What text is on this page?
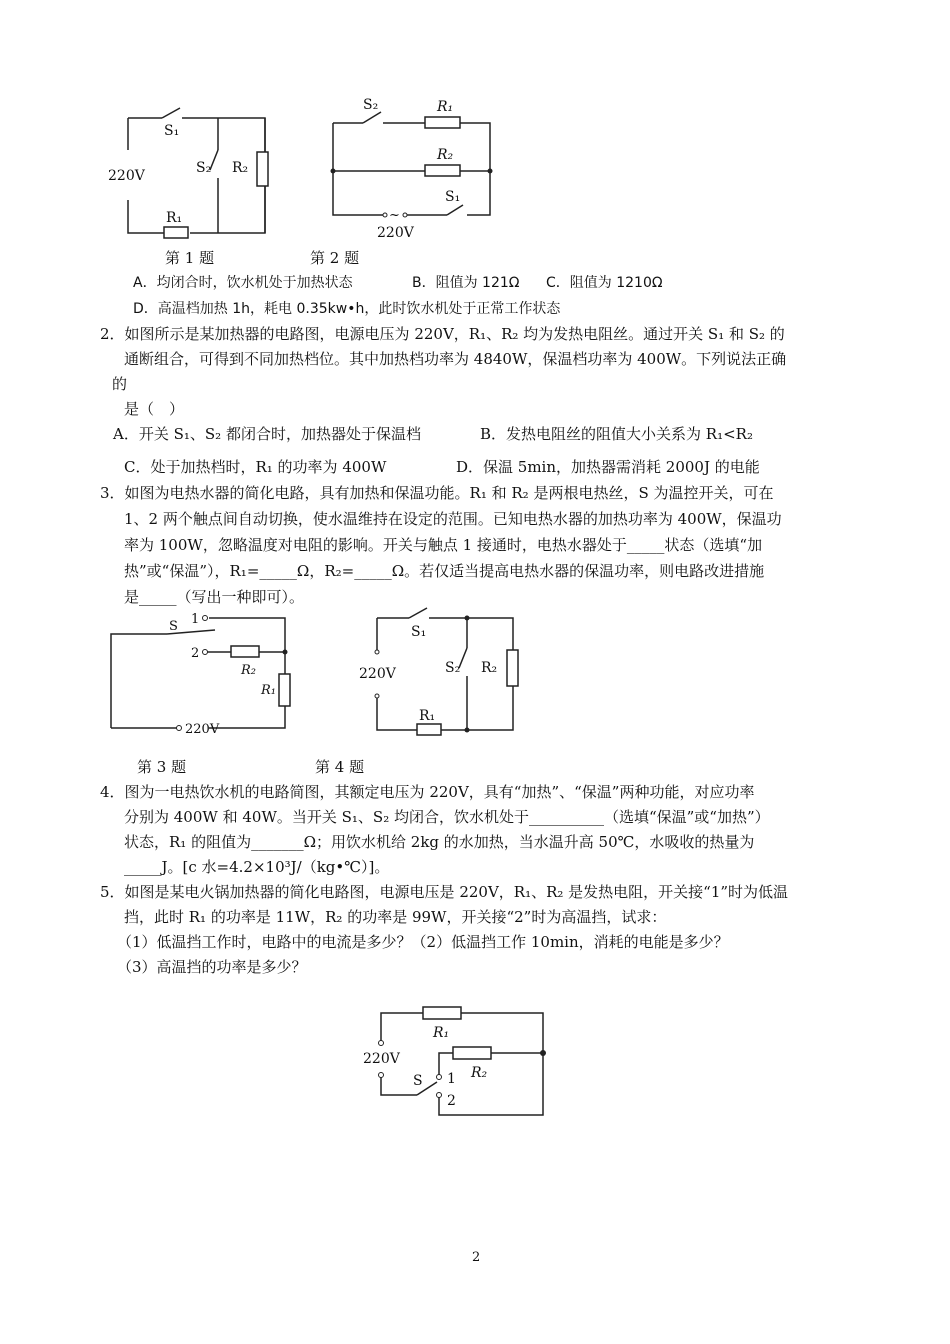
S₁
220V	S₂ R₂
R₁
S₂	R₁
R₂
S₁
~
220V
第 1 题	第 2 题
A．均闭合时，饮水机处于加热状态	B．阻值为 121Ω C．阻值为 1210Ω
D．高温档加热 1h，耗电 0.35kw•h，此时饮水机处于正常工作状态
2．如图所示是某加热器的电路图，电源电压为 220V，R₁、R₂ 均为发热电阻丝。通过开关 S₁ 和 S₂ 的
通断组合，可得到不同加热档位。其中加热档功率为 4840W，保温档功率为 400W。下列说法正确
的
是（　）
A．开关 S₁、S₂ 都闭合时，加热器处于保温档	B．发热电阻丝的阻值大小关系为 R₁<R₂
C．处于加热档时，R₁ 的功率为 400W	D．保温 5min，加热器需消耗 2000J 的电能
3．如图为电热水器的简化电路，具有加热和保温功能。R₁ 和 R₂ 是两根电热丝，S 为温控开关，可在
1、2 两个触点间自动切换，使水温维持在设定的范围。已知电热水器的加热功率为 400W，保温功
率为 100W，忽略温度对电阻的影响。开关与触点 1 接通时，电热水器处于_____状态（选填“加
热”或“保温”），R₁=_____Ω，R₂=_____Ω。若仅适当提高电热水器的保温功率，则电路改进措施
是_____（写出一种即可）。
1
S
2
R₂
R₁
220V
S₁
220V	S₂ R₂
R₁
第 3 题	第 4 题
4．图为一电热饮水机的电路简图，其额定电压为 220V，具有“加热”、“保温”两种功能，对应功率
分别为 400W 和 40W。当开关 S₁、S₂ 均闭合，饮水机处于__________（选填“保温”或“加热”）
状态，R₁ 的阻值为_______Ω；用饮水机给 2kg 的水加热，当水温升高 50℃，水吸收的热量为
_____J。[c 水=4.2×10³J/（kg•℃）]。
5．如图是某电火锅加热器的简化电路图，电源电压是 220V，R₁、R₂ 是发热电阻，开关接“1”时为低温
挡，此时 R₁ 的功率是 11W，R₂ 的功率是 99W，开关接“2”时为高温挡，试求：
（1）低温挡工作时，电路中的电流是多少？（2）低温挡工作 10min，消耗的电能是多少？
（3）高温挡的功率是多少？
R₁
220V
R₂
S 1
2
2
